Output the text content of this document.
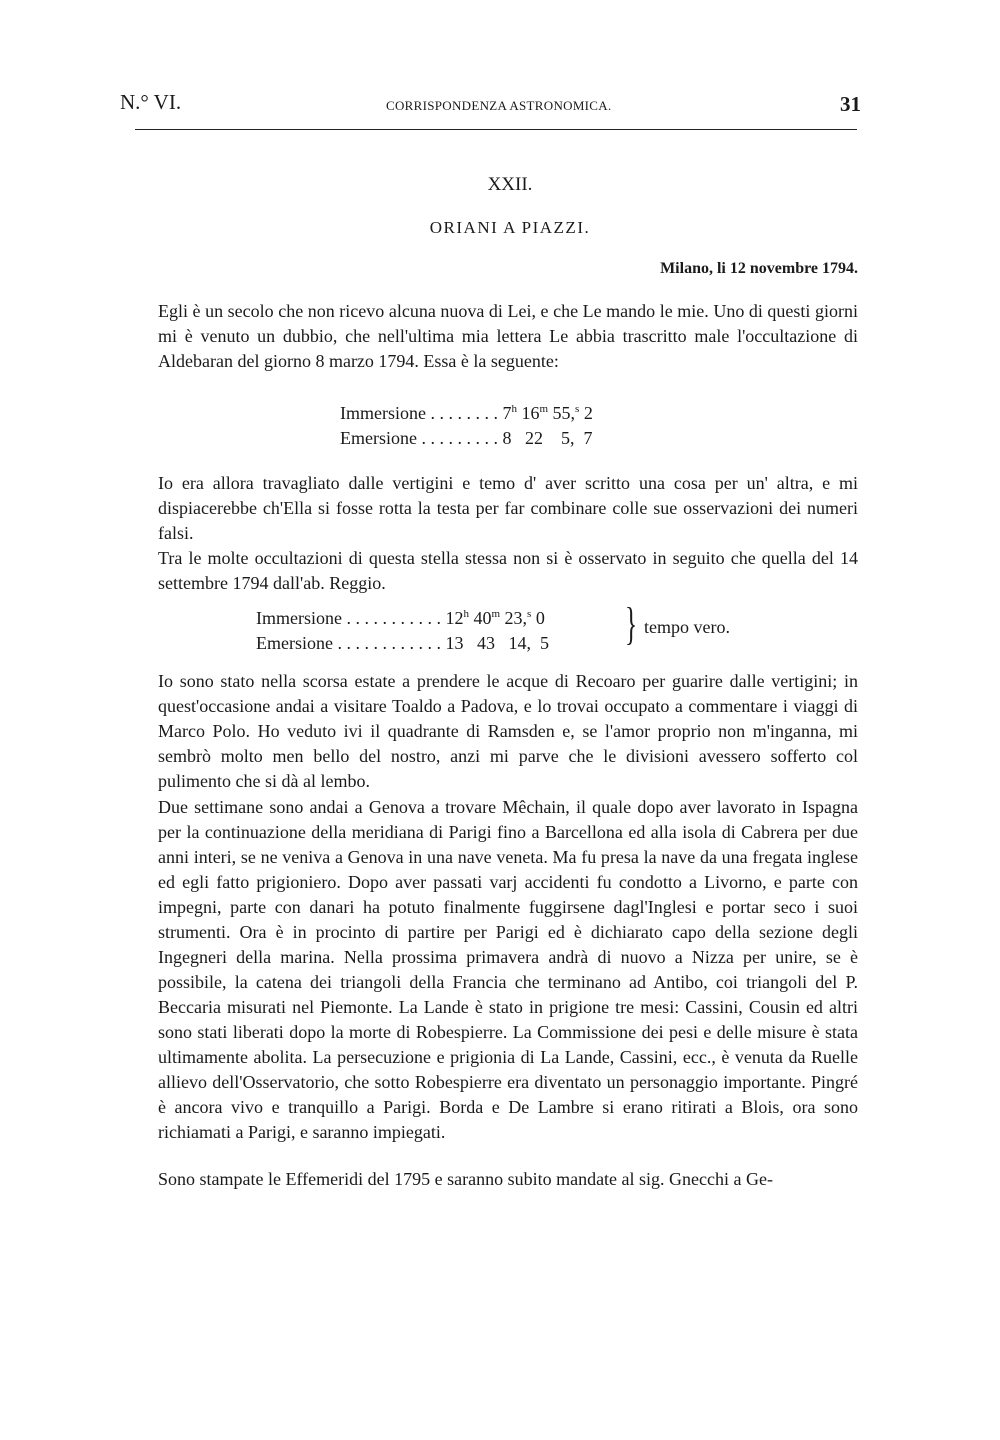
N.° VI.	CORRISPONDENZA ASTRONOMICA.	31
XXII.
ORIANI A PIAZZI.
Milano, li 12 novembre 1794.

Egli è un secolo che non ricevo alcuna nuova di Lei, e che Le mando le mie. Uno di questi giorni mi è venuto un dubbio, che nell'ultima mia lettera Le abbia trascritto male l'occultazione di Aldebaran del giorno 8 marzo 1794. Essa è la seguente:

Immersione . . . . . . . . 7$^h$ 16$^m$ 55,$^s$ 2
Emersione . . . . . . . . . 8   22    5,  7

Io era allora travagliato dalle vertigini e temo d' aver scritto una cosa per un' altra, e mi dispiacerebbe ch'Ella si fosse rotta la testa per far combinare colle sue osservazioni dei numeri falsi.

Tra le molte occultazioni di questa stella stessa non si è osservato in seguito che quella del 14 settembre 1794 dall'ab. Reggio.

Immersione . . . . . . . . . . . 12$^h$ 40$^m$ 23,$^s$ 0
Emersione . . . . . . . . . . . . 13   43   14,  5 } tempo vero.

Io sono stato nella scorsa estate a prendere le acque di Recoaro per guarire dalle vertigini; in quest'occasione andai a visitare Toaldo a Padova, e lo trovai occupato a commentare i viaggi di Marco Polo. Ho veduto ivi il quadrante di Ramsden e, se l'amor proprio non m'inganna, mi sembrò molto men bello del nostro, anzi mi parve che le divisioni avessero sofferto col pulimento che si dà al lembo.

Due settimane sono andai a Genova a trovare Mêchain, il quale dopo aver lavorato in Ispagna per la continuazione della meridiana di Parigi fino a Barcellona ed alla isola di Cabrera per due anni interi, se ne veniva a Genova in una nave veneta. Ma fu presa la nave da una fregata inglese ed egli fatto prigioniero. Dopo aver passati varj accidenti fu condotto a Livorno, e parte con impegni, parte con danari ha potuto finalmente fuggirsene dagl'Inglesi e portar seco i suoi strumenti. Ora è in procinto di partire per Parigi ed è dichiarato capo della sezione degli Ingegneri della marina. Nella prossima primavera andrà di nuovo a Nizza per unire, se è possibile, la catena dei triangoli della Francia che terminano ad Antibo, coi triangoli del P. Beccaria misurati nel Piemonte. La Lande è stato in prigione tre mesi: Cassini, Cousin ed altri sono stati liberati dopo la morte di Robespierre. La Commissione dei pesi e delle misure è stata ultimamente abolita. La persecuzione e prigionia di La Lande, Cassini, ecc., è venuta da Ruelle allievo dell'Osservatorio, che sotto Robespierre era diventato un personaggio importante. Pingré è ancora vivo e tranquillo a Parigi. Borda e De Lambre si erano ritirati a Blois, ora sono richiamati a Parigi, e saranno impiegati.

Sono stampate le Effemeridi del 1795 e saranno subito mandate al sig. Gnecchi a Ge-
